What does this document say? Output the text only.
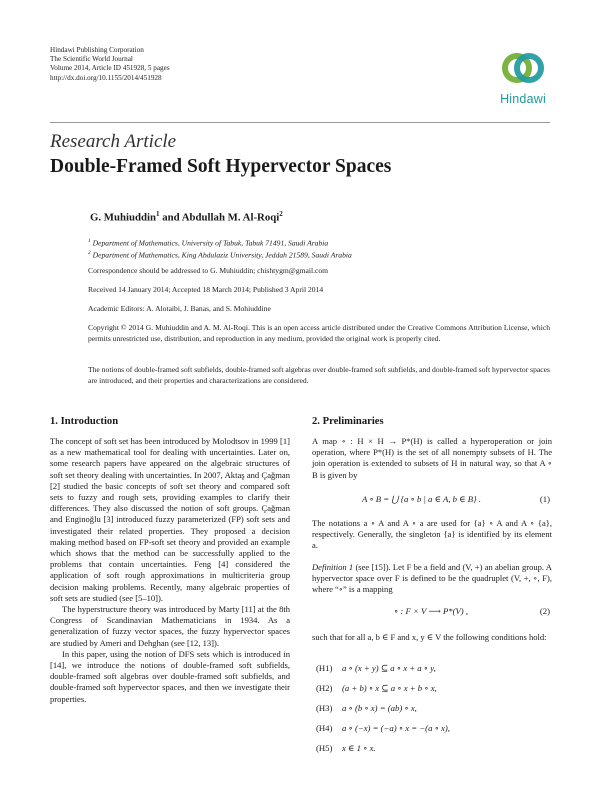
Hindawi Publishing Corporation
The Scientific World Journal
Volume 2014, Article ID 451928, 5 pages
http://dx.doi.org/10.1155/2014/451928
Hindawi
Research Article
Double-Framed Soft Hypervector Spaces
G. Muhiuddin$^1$ and Abdullah M. Al-Roqi$^2$
$^1$ Department of Mathematics, University of Tabuk, Tabuk 71491, Saudi Arabia
$^2$ Department of Mathematics, King Abdulaziz University, Jeddah 21589, Saudi Arabia
Correspondence should be addressed to G. Muhiuddin; chishtygm@gmail.com
Received 14 January 2014; Accepted 18 March 2014; Published 3 April 2014
Academic Editors: A. Alotaibi, J. Banas, and S. Mohiuddine
Copyright © 2014 G. Muhiuddin and A. M. Al-Roqi. This is an open access article distributed under the Creative Commons Attribution License, which permits unrestricted use, distribution, and reproduction in any medium, provided the original work is properly cited.
The notions of double-framed soft subfields, double-framed soft algebras over double-framed soft subfields, and double-framed soft hypervector spaces are introduced, and their properties and characterizations are considered.
1. Introduction

The concept of soft set has been introduced by Molodtsov in 1999 [1] as a new mathematical tool for dealing with uncertainties. Later on, some research papers have appeared on the algebraic structures of soft set theory dealing with uncertainties. In 2007, Aktaş and Çağman [2] studied the basic concepts of soft set theory and compared soft sets to fuzzy and rough sets, providing examples to clarify their differences. They also discussed the notion of soft groups. Çağman and Enginoğlu [3] introduced fuzzy parameterized (FP) soft sets and investigated their related properties. They proposed a decision making method based on FP-soft set theory and provided an example which shows that the method can be successfully applied to the problems that contain uncertainties. Feng [4] considered the application of soft rough approximations in multicriteria group decision making problems. Recently, many algebraic properties of soft sets are studied (see [5–10]).

The hyperstructure theory was introduced by Marty [11] at the 8th Congress of Scandinavian Mathematicians in 1934. As a generalization of fuzzy vector spaces, the fuzzy hypervector spaces are studied by Ameri and Dehghan (see [12, 13]).

In this paper, using the notion of DFS sets which is introduced in [14], we introduce the notions of double-framed soft subfields, double-framed soft algebras over double-framed soft subfields, and double-framed soft hypervector spaces, and then we investigate their properties.

2. Preliminaries
A map ∘ : H × H → P*(H) is called a hyperoperation or join operation, where P*(H) is the set of all nonempty subsets of H. The join operation is extended to subsets of H in natural way, so that A ∘ B is given by
A ∘ B = ⋃ {a ∘ b | a ∈ A, b ∈ B} .	(1)
The notations a ∘ A and A ∘ a are used for {a} ∘ A and A ∘ {a}, respectively. Generally, the singleton {a} is identified by its element a.
Definition 1 (see [15]). Let F be a field and (V, +) an abelian group. A hypervector space over F is defined to be the quadruplet (V, +, ∘, F), where “∘” is a mapping
∘ : F × V ⟶ P*(V) ,	(2)
such that for all a, b ∈ F and x, y ∈ V the following conditions hold:
(H1) a ∘ (x + y) ⊆ a ∘ x + a ∘ y,
(H2) (a + b) ∘ x ⊆ a ∘ x + b ∘ x,
(H3) a ∘ (b ∘ x) = (ab) ∘ x,
(H4) a ∘ (−x) = (−a) ∘ x = −(a ∘ x),
(H5) x ∈ 1 ∘ x.
